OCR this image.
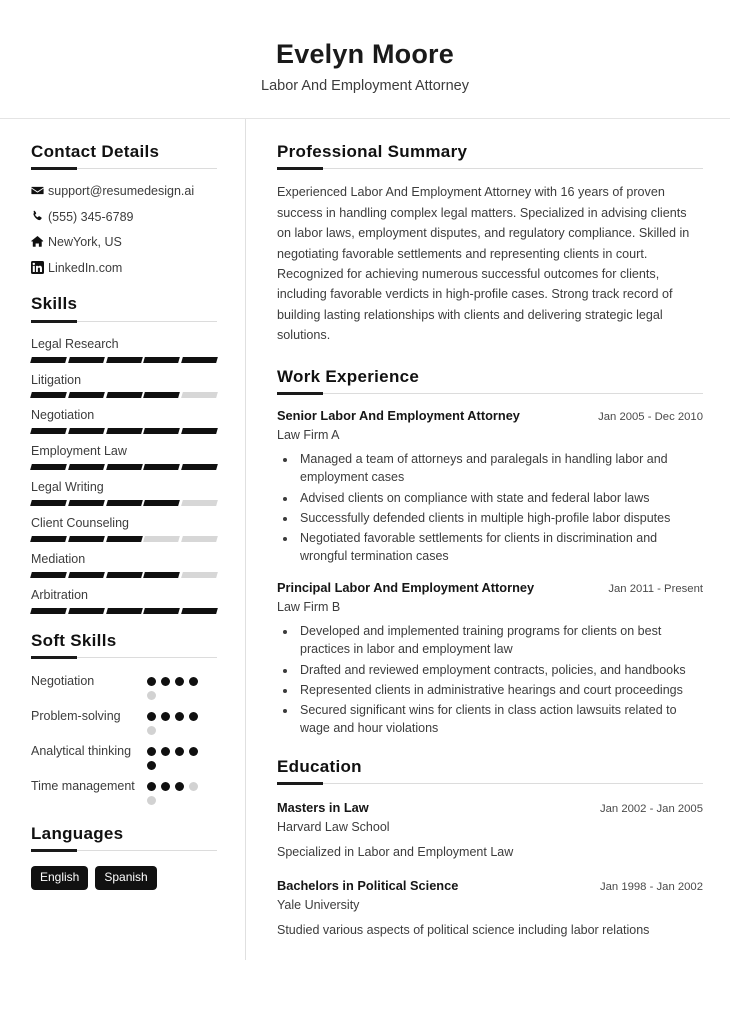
Evelyn Moore
Labor And Employment Attorney
Contact Details
support@resumedesign.ai
(555) 345-6789
NewYork, US
LinkedIn.com
Skills
Legal Research
Litigation
Negotiation
Employment Law
Legal Writing
Client Counseling
Mediation
Arbitration
Soft Skills
Negotiation
Problem-solving
Analytical thinking
Time management
Languages
English	Spanish
Professional Summary

Experienced Labor And Employment Attorney with 16 years of proven success in handling complex legal matters. Specialized in advising clients on labor laws, employment disputes, and regulatory compliance. Skilled in negotiating favorable settlements and representing clients in court. Recognized for achieving numerous successful outcomes for clients, including favorable verdicts in high-profile cases. Strong track record of building lasting relationships with clients and delivering strategic legal solutions.

Work Experience
Senior Labor And Employment Attorney	Jan 2005 - Dec 2010
Law Firm A
• Managed a team of attorneys and paralegals in handling labor and employment cases
• Advised clients on compliance with state and federal labor laws
• Successfully defended clients in multiple high-profile labor disputes
• Negotiated favorable settlements for clients in discrimination and wrongful termination cases
Principal Labor And Employment Attorney	Jan 2011 - Present
Law Firm B
• Developed and implemented training programs for clients on best practices in labor and employment law
• Drafted and reviewed employment contracts, policies, and handbooks
• Represented clients in administrative hearings and court proceedings
• Secured significant wins for clients in class action lawsuits related to wage and hour violations
Education
Masters in Law	Jan 2002 - Jan 2005
Harvard Law School
Specialized in Labor and Employment Law
Bachelors in Political Science	Jan 1998 - Jan 2002
Yale University
Studied various aspects of political science including labor relations
